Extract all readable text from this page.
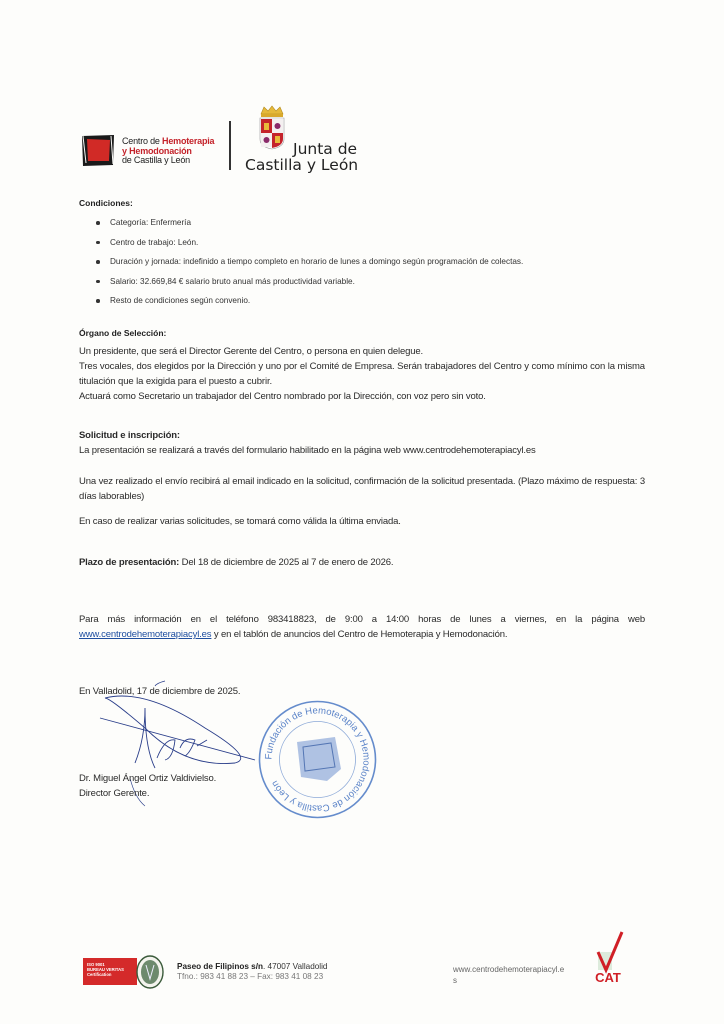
Centro de Hemoterapia
y Hemodonación
de Castilla y León
Junta de
Castilla y León
Condiciones:
Categoría: Enfermería
Centro de trabajo: León.
Duración y jornada: indefinido a tiempo completo en horario de lunes a domingo según programación de colectas.
Salario: 32.669,84 € salario bruto anual más productividad variable.
Resto de condiciones según convenio.
Órgano de Selección:
Un presidente, que será el Director Gerente del Centro, o persona en quien delegue.
Tres vocales, dos elegidos por la Dirección y uno por el Comité de Empresa. Serán trabajadores del Centro y como mínimo con la misma titulación que la exigida para el puesto a cubrir.
Actuará como Secretario un trabajador del Centro nombrado por la Dirección, con voz pero sin voto.
Solicitud e inscripción:
La presentación se realizará a través del formulario habilitado en la página web www.centrodehemoterapiacyl.es
Una vez realizado el envío recibirá al email indicado en la solicitud, confirmación de la solicitud presentada. (Plazo máximo de respuesta: 3 días laborables)
En caso de realizar varias solicitudes, se tomará como válida la última enviada.
Plazo de presentación: Del 18 de diciembre de 2025 al 7 de enero de 2026.
Para más información en el teléfono 983418823, de 9:00 a 14:00 horas de lunes a viernes, en la página web www.centrodehemoterapiacyl.es y en el tablón de anuncios del Centro de Hemoterapia y Hemodonación.
En Valladolid, 17 de diciembre de 2025.
Dr. Miguel Ángel Ortiz Valdivielso.
Director Gerente.
Fundación de Hemoterapia y Hemodonación de Castilla y León
ISO 9001
BUREAU VERITAS
Certification
Paseo de Filipinos s/n. 47007 Valladolid
Tfno.: 983 41 88 23 – Fax: 983 41 08 23
www.centrodehemoterapiacyl.e
s	CAT
